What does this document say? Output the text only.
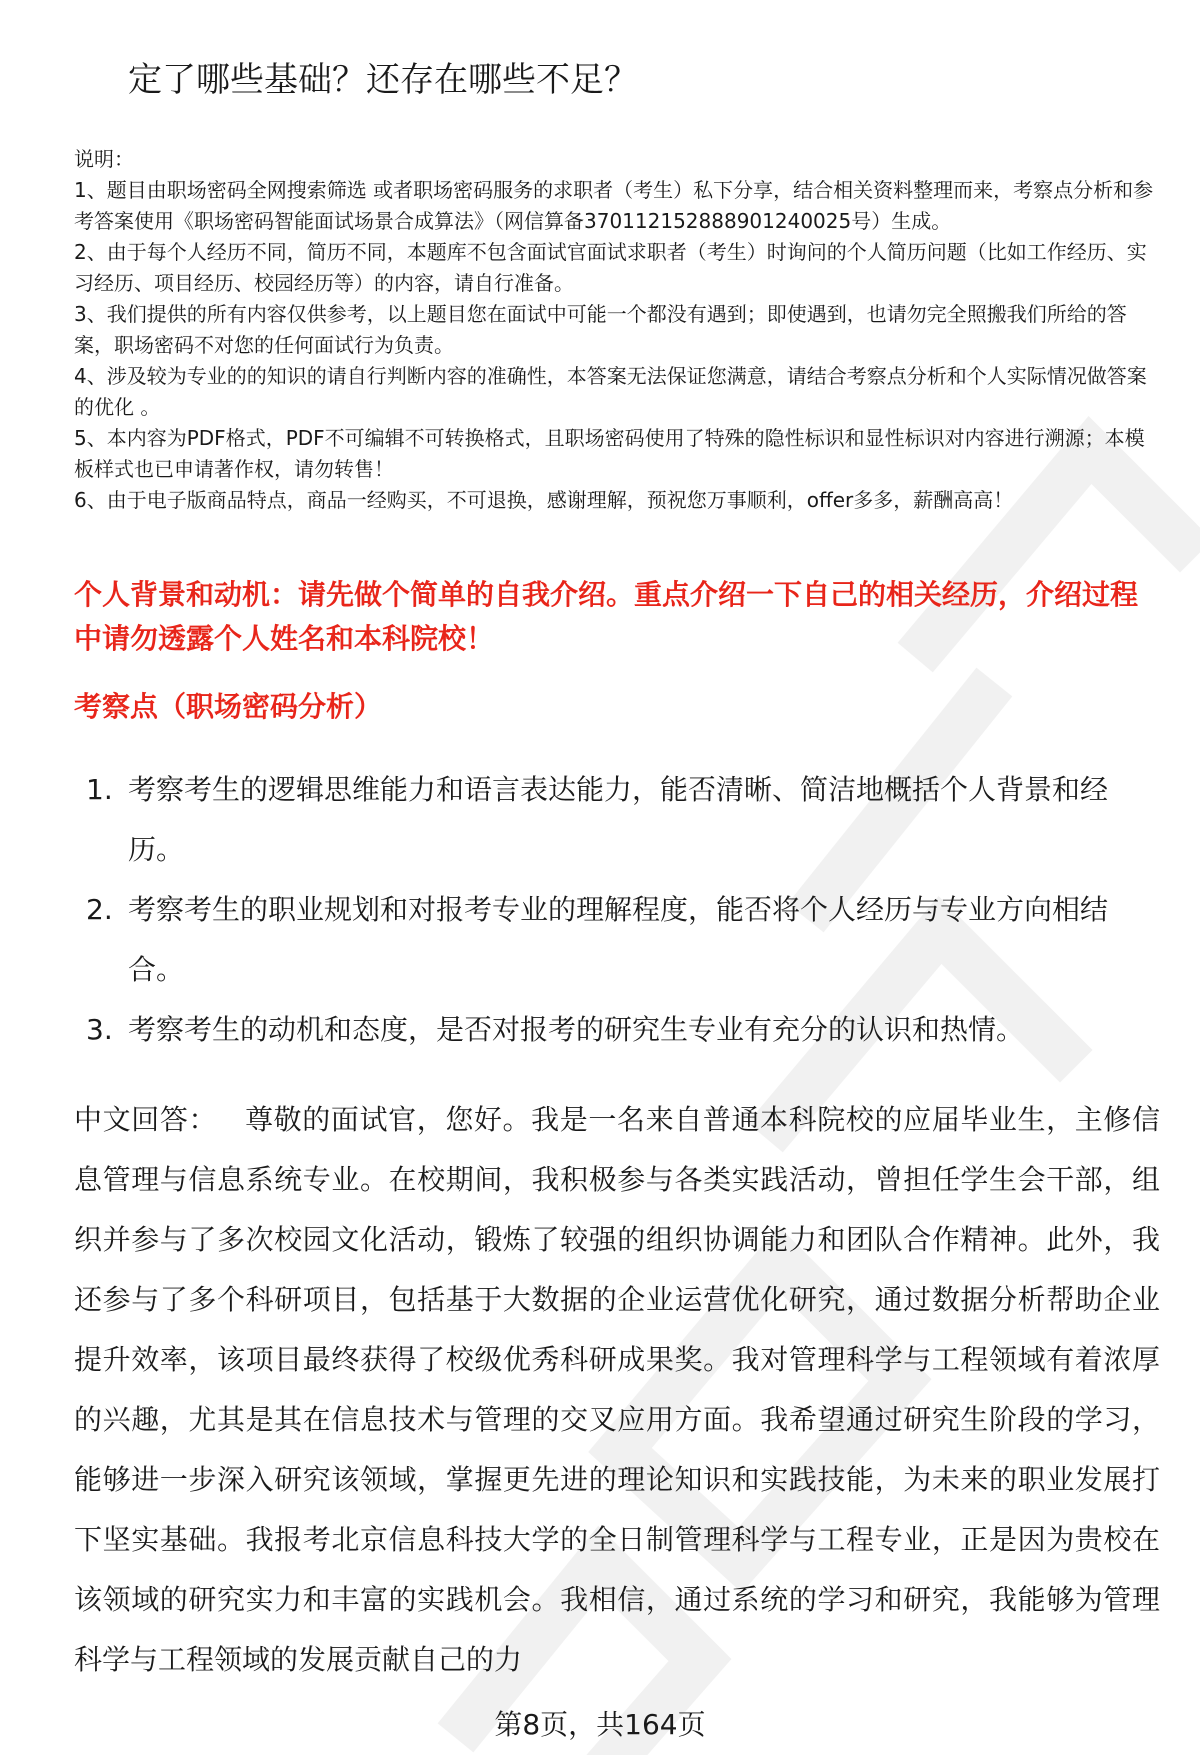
定了哪些基础？还存在哪些不足？

说明：

1、题目由职场密码全网搜索筛选 或者职场密码服务的求职者（考生）私下分享，结合相关资料整理而来，考察点分析和参考答案使用《职场密码智能面试场景合成算法》（网信算备370112152888901240025号）生成。

2、由于每个人经历不同，简历不同，本题库不包含面试官面试求职者（考生）时询问的个人简历问题（比如工作经历、实习经历、项目经历、校园经历等）的内容，请自行准备。

3、我们提供的所有内容仅供参考，以上题目您在面试中可能一个都没有遇到；即使遇到，也请勿完全照搬我们所给的答案，职场密码不对您的任何面试行为负责。

4、涉及较为专业的的知识的请自行判断内容的准确性，本答案无法保证您满意，请结合考察点分析和个人实际情况做答案的优化 。

5、本内容为PDF格式，PDF不可编辑不可转换格式，且职场密码使用了特殊的隐性标识和显性标识对内容进行溯源；本模板样式也已申请著作权，请勿转售！

6、由于电子版商品特点，商品一经购买，不可退换，感谢理解，预祝您万事顺利，offer多多，薪酬高高！

个人背景和动机：请先做个简单的自我介绍。重点介绍一下自己的相关经历，介绍过程中请勿透露个人姓名和本科院校！
考察点（职场密码分析）
1. 考察考生的逻辑思维能力和语言表达能力，能否清晰、简洁地概括个人背景和经历。
2. 考察考生的职业规划和对报考专业的理解程度，能否将个人经历与专业方向相结合。
3. 考察考生的动机和态度，是否对报考的研究生专业有充分的认识和热情。

中文回答： 尊敬的面试官，您好。我是一名来自普通本科院校的应届毕业生，主修信息管理与信息系统专业。在校期间，我积极参与各类实践活动，曾担任学生会干部，组织并参与了多次校园文化活动，锻炼了较强的组织协调能力和团队合作精神。此外，我还参与了多个科研项目，包括基于大数据的企业运营优化研究，通过数据分析帮助企业提升效率，该项目最终获得了校级优秀科研成果奖。我对管理科学与工程领域有着浓厚的兴趣，尤其是其在信息技术与管理的交叉应用方面。我希望通过研究生阶段的学习，能够进一步深入研究该领域，掌握更先进的理论知识和实践技能，为未来的职业发展打下坚实基础。我报考北京信息科技大学的全日制管理科学与工程专业，正是因为贵校在该领域的研究实力和丰富的实践机会。我相信，通过系统的学习和研究，我能够为管理科学与工程领域的发展贡献自己的力

第8页，共164页
